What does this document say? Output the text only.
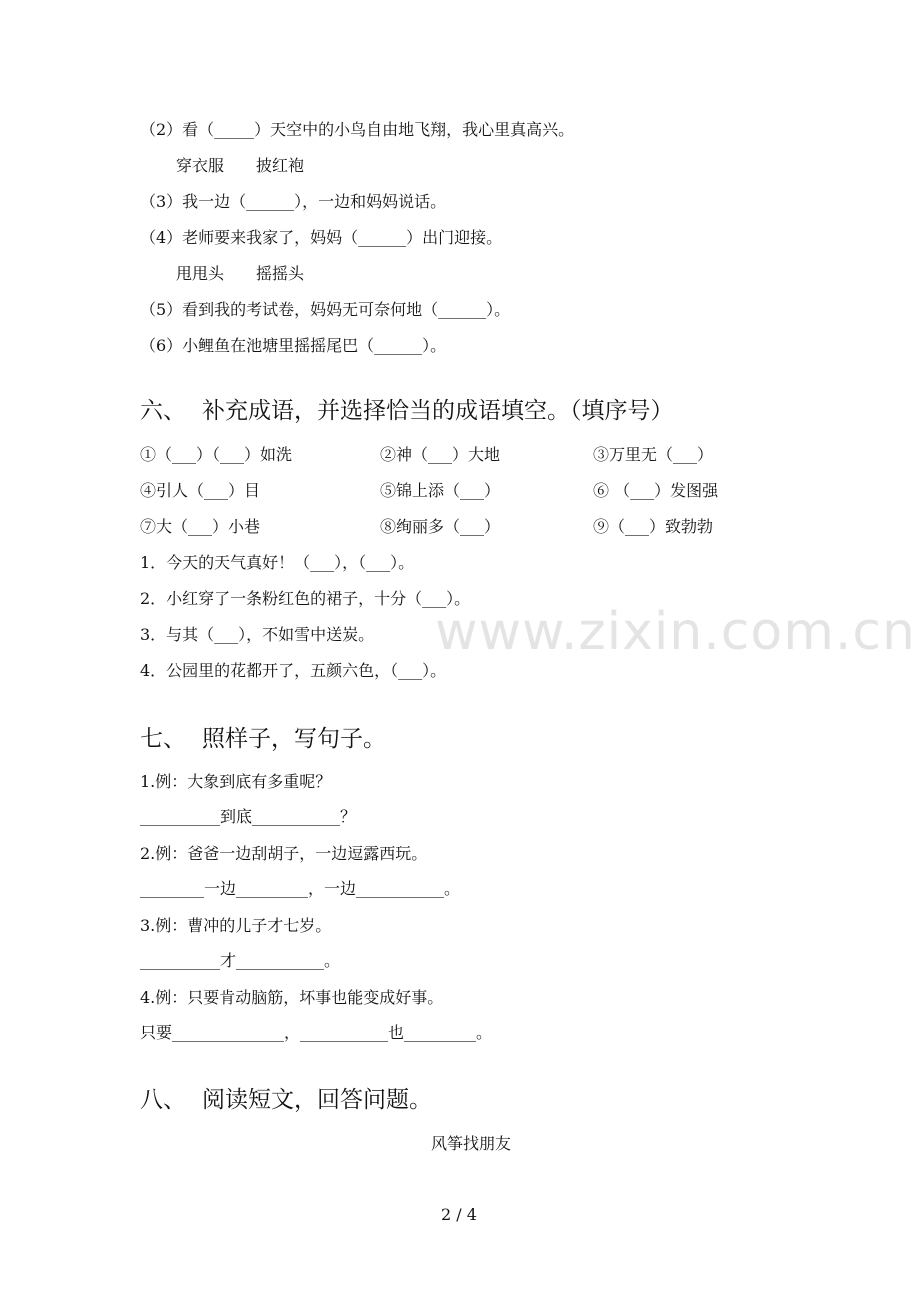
（2）看（_____）天空中的小鸟自由地飞翔，我心里真高兴。
穿衣服　　披红袍
（3）我一边（______），一边和妈妈说话。
（4）老师要来我家了，妈妈（______）出门迎接。
甩甩头　　摇摇头
（5）看到我的考试卷，妈妈无可奈何地（______）。
（6）小鲤鱼在池塘里摇摇尾巴（______）。
六、 补充成语，并选择恰当的成语填空。（填序号）
①（___）（___）如洗	②神（___）大地	③万里无（___）
④引人（___）目	⑤锦上添（___）	⑥ （___）发图强
⑦大（___）小巷	⑧绚丽多（___）	⑨（___）致勃勃
1．今天的天气真好！（___），（___）。
2．小红穿了一条粉红色的裙子，十分（___）。
3．与其（___），不如雪中送炭。
4．公园里的花都开了，五颜六色，（___）。
www.zixin.com.cn
七、 照样子，写句子。
1.例：大象到底有多重呢？
__________到底___________？
2.例：爸爸一边刮胡子，一边逗露西玩。
________一边_________，一边___________。
3.例：曹冲的儿子才七岁。
__________才___________。
4.例：只要肯动脑筋，坏事也能变成好事。
只要______________，___________也_________。
八、 阅读短文，回答问题。
风筝找朋友
2 / 4
